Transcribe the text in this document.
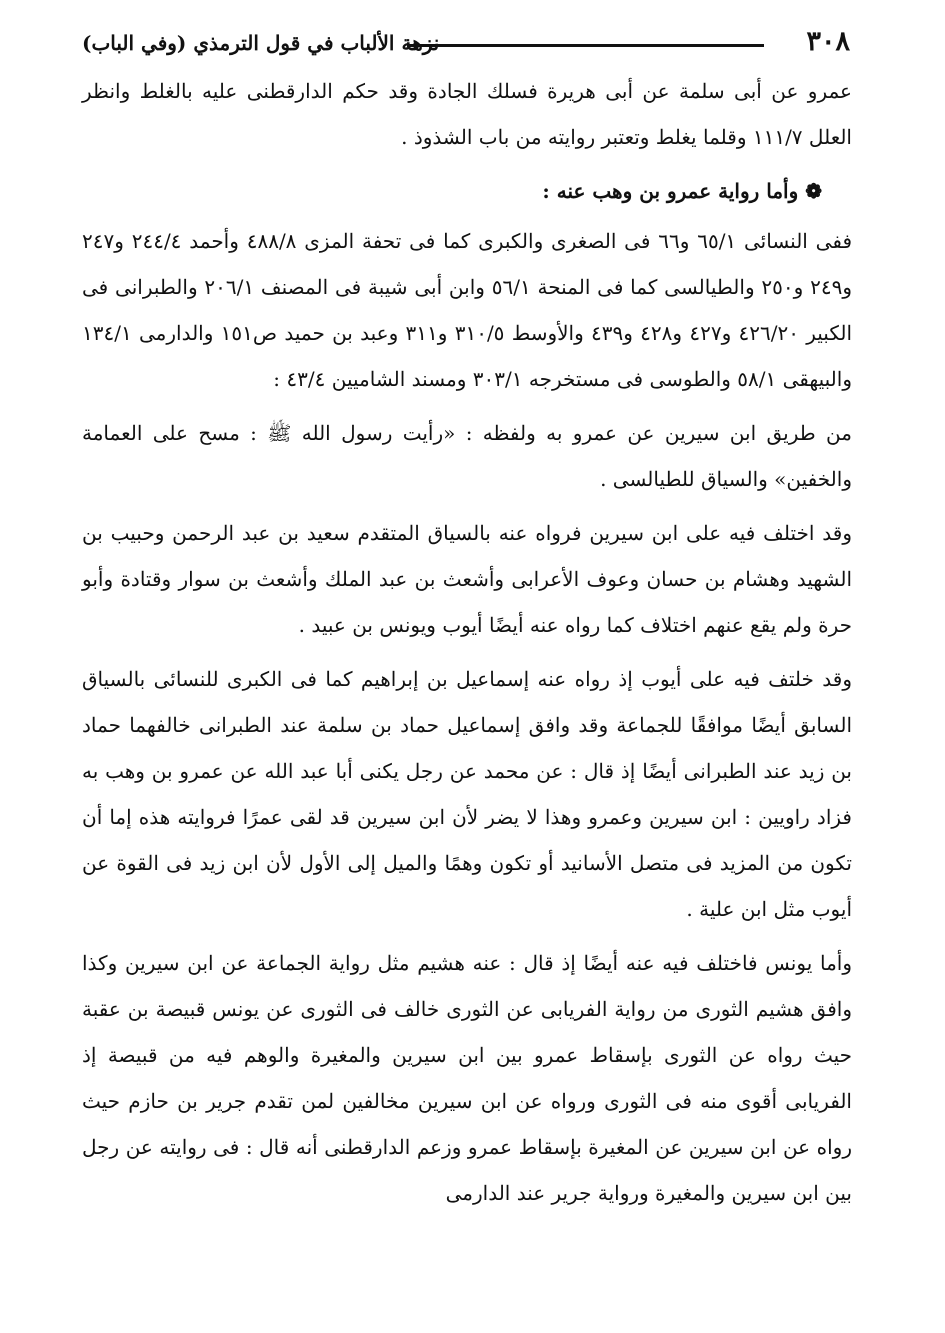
٣٠٨
نزهة الألباب في قول الترمذي (وفي الباب)

عمرو عن أبى سلمة عن أبى هريرة فسلك الجادة وقد حكم الدارقطنى عليه بالغلط وانظر العلل ١١١/٧ وقلما يغلط وتعتبر روايته من باب الشذوذ .

❁ وأما رواية عمرو بن وهب عنه :

ففى النسائى ٦٥/١ و٦٦ فى الصغرى والكبرى كما فى تحفة المزى ٤٨٨/٨ وأحمد ٢٤٤/٤ و٢٤٧ و٢٤٩ و٢٥٠ والطيالسى كما فى المنحة ٥٦/١ وابن أبى شيبة فى المصنف ٢٠٦/١ والطبرانى فى الكبير ٤٢٦/٢٠ و٤٢٧ و٤٢٨ و٤٣٩ والأوسط ٣١٠/٥ و٣١١ وعبد بن حميد ص١٥١ والدارمى ١٣٤/١ والبيهقى ٥٨/١ والطوسى فى مستخرجه ٣٠٣/١ ومسند الشاميين ٤٣/٤ :

من طريق ابن سيرين عن عمرو به ولفظه : «رأيت رسول الله ﷺ : مسح على العمامة والخفين» والسياق للطيالسى .

وقد اختلف فيه على ابن سيرين فرواه عنه بالسياق المتقدم سعيد بن عبد الرحمن وحبيب بن الشهيد وهشام بن حسان وعوف الأعرابى وأشعث بن عبد الملك وأشعث بن سوار وقتادة وأبو حرة ولم يقع عنهم اختلاف كما رواه عنه أيضًا أيوب ويونس بن عبيد .

وقد خلتف فيه على أيوب إذ رواه عنه إسماعيل بن إبراهيم كما فى الكبرى للنسائى بالسياق السابق أيضًا موافقًا للجماعة وقد وافق إسماعيل حماد بن سلمة عند الطبرانى خالفهما حماد بن زيد عند الطبرانى أيضًا إذ قال : عن محمد عن رجل يكنى أبا عبد الله عن عمرو بن وهب به فزاد راويين : ابن سيرين وعمرو وهذا لا يضر لأن ابن سيرين قد لقى عمرًا فروايته هذه إما أن تكون من المزيد فى متصل الأسانيد أو تكون وهمًا والميل إلى الأول لأن ابن زيد فى القوة عن أيوب مثل ابن علية .

وأما يونس فاختلف فيه عنه أيضًا إذ قال : عنه هشيم مثل رواية الجماعة عن ابن سيرين وكذا وافق هشيم الثورى من رواية الفريابى عن الثورى خالف فى الثورى عن يونس قبيصة بن عقبة حيث رواه عن الثورى بإسقاط عمرو بين ابن سيرين والمغيرة والوهم فيه من قبيصة إذ الفريابى أقوى منه فى الثورى ورواه عن ابن سيرين مخالفين لمن تقدم جرير بن حازم حيث رواه عن ابن سيرين عن المغيرة بإسقاط عمرو وزعم الدارقطنى أنه قال : فى روايته عن رجل بين ابن سيرين والمغيرة ورواية جرير عند الدارمى
